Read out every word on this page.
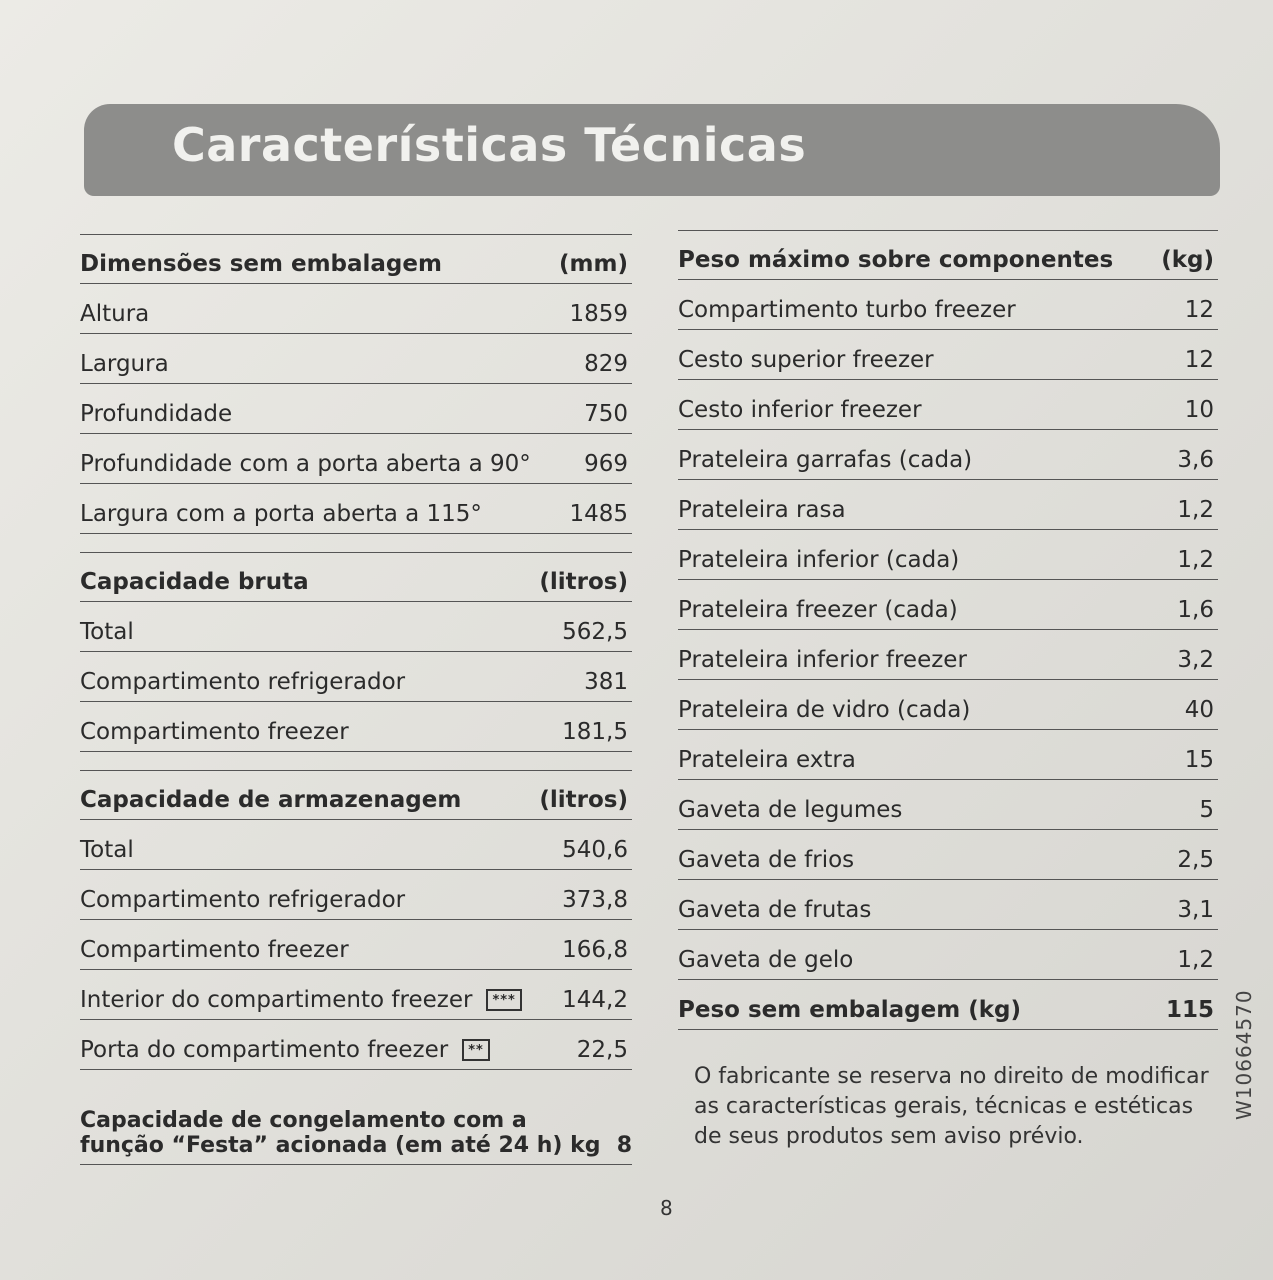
Características Técnicas
Dimensões sem embalagem	(mm)
Altura	1859
Largura	829
Profundidade	750
Profundidade com a porta aberta a 90° 969
Largura com a porta aberta a 115°	1485
Capacidade bruta	(litros)
Total	562,5
Compartimento refrigerador	381
Compartimento freezer	181,5
Capacidade de armazenagem	(litros)
Total	540,6
Compartimento refrigerador	373,8
Compartimento freezer	166,8
Interior do compartimento freezer	*** 144,2
Porta do compartimento freezer	**	22,5
Capacidade de congelamento com a
função “Festa” acionada (em até 24 h) kg 8
Peso máximo sobre componentes (kg)
Compartimento turbo freezer	12
Cesto superior freezer	12
Cesto inferior freezer	10
Prateleira garrafas (cada)	3,6
Prateleira rasa	1,2
Prateleira inferior (cada)	1,2
Prateleira freezer (cada)	1,6
Prateleira inferior freezer	3,2
Prateleira de vidro (cada)	40
Prateleira extra	15
Gaveta de legumes	5
Gaveta de frios	2,5
Gaveta de frutas	3,1
Gaveta de gelo	1,2
Peso sem embalagem (kg)	115

O fabricante se reserva no direito de modificar as características gerais, técnicas e estéticas de seus produtos sem aviso prévio.

8
W10664570
